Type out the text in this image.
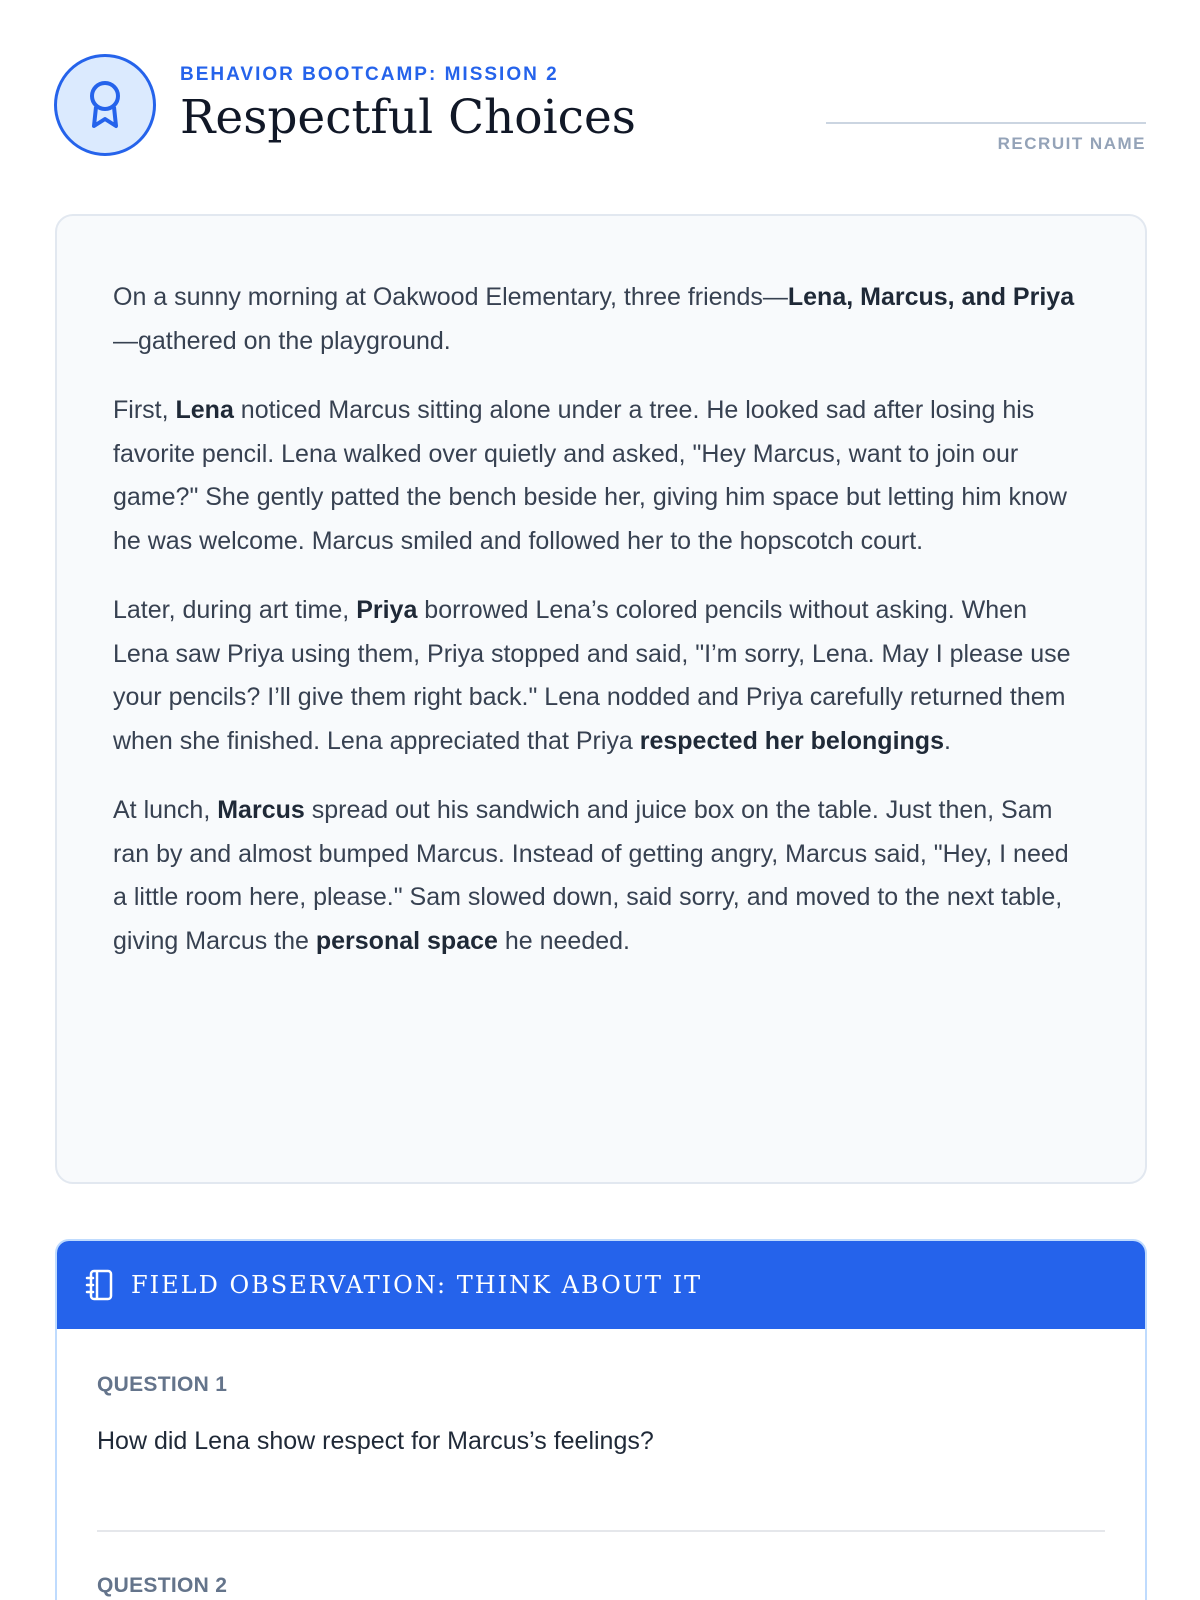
BEHAVIOR BOOTCAMP: MISSION 2
Respectful Choices	RECRUIT NAME

On a sunny morning at Oakwood Elementary, three friends—Lena, Marcus, and Priya—gathered on the playground.

First, Lena noticed Marcus sitting alone under a tree. He looked sad after losing his favorite pencil. Lena walked over quietly and asked, "Hey Marcus, want to join our game?" She gently patted the bench beside her, giving him space but letting him know he was welcome. Marcus smiled and followed her to the hopscotch court.

Later, during art time, Priya borrowed Lena’s colored pencils without asking. When Lena saw Priya using them, Priya stopped and said, "I’m sorry, Lena. May I please use your pencils? I’ll give them right back." Lena nodded and Priya carefully returned them when she finished. Lena appreciated that Priya respected her belongings.

At lunch, Marcus spread out his sandwich and juice box on the table. Just then, Sam ran by and almost bumped Marcus. Instead of getting angry, Marcus said, "Hey, I need a little room here, please." Sam slowed down, said sorry, and moved to the next table, giving Marcus the personal space he needed.

FIELD OBSERVATION: THINK ABOUT IT
QUESTION 1
How did Lena show respect for Marcus’s feelings?
QUESTION 2
